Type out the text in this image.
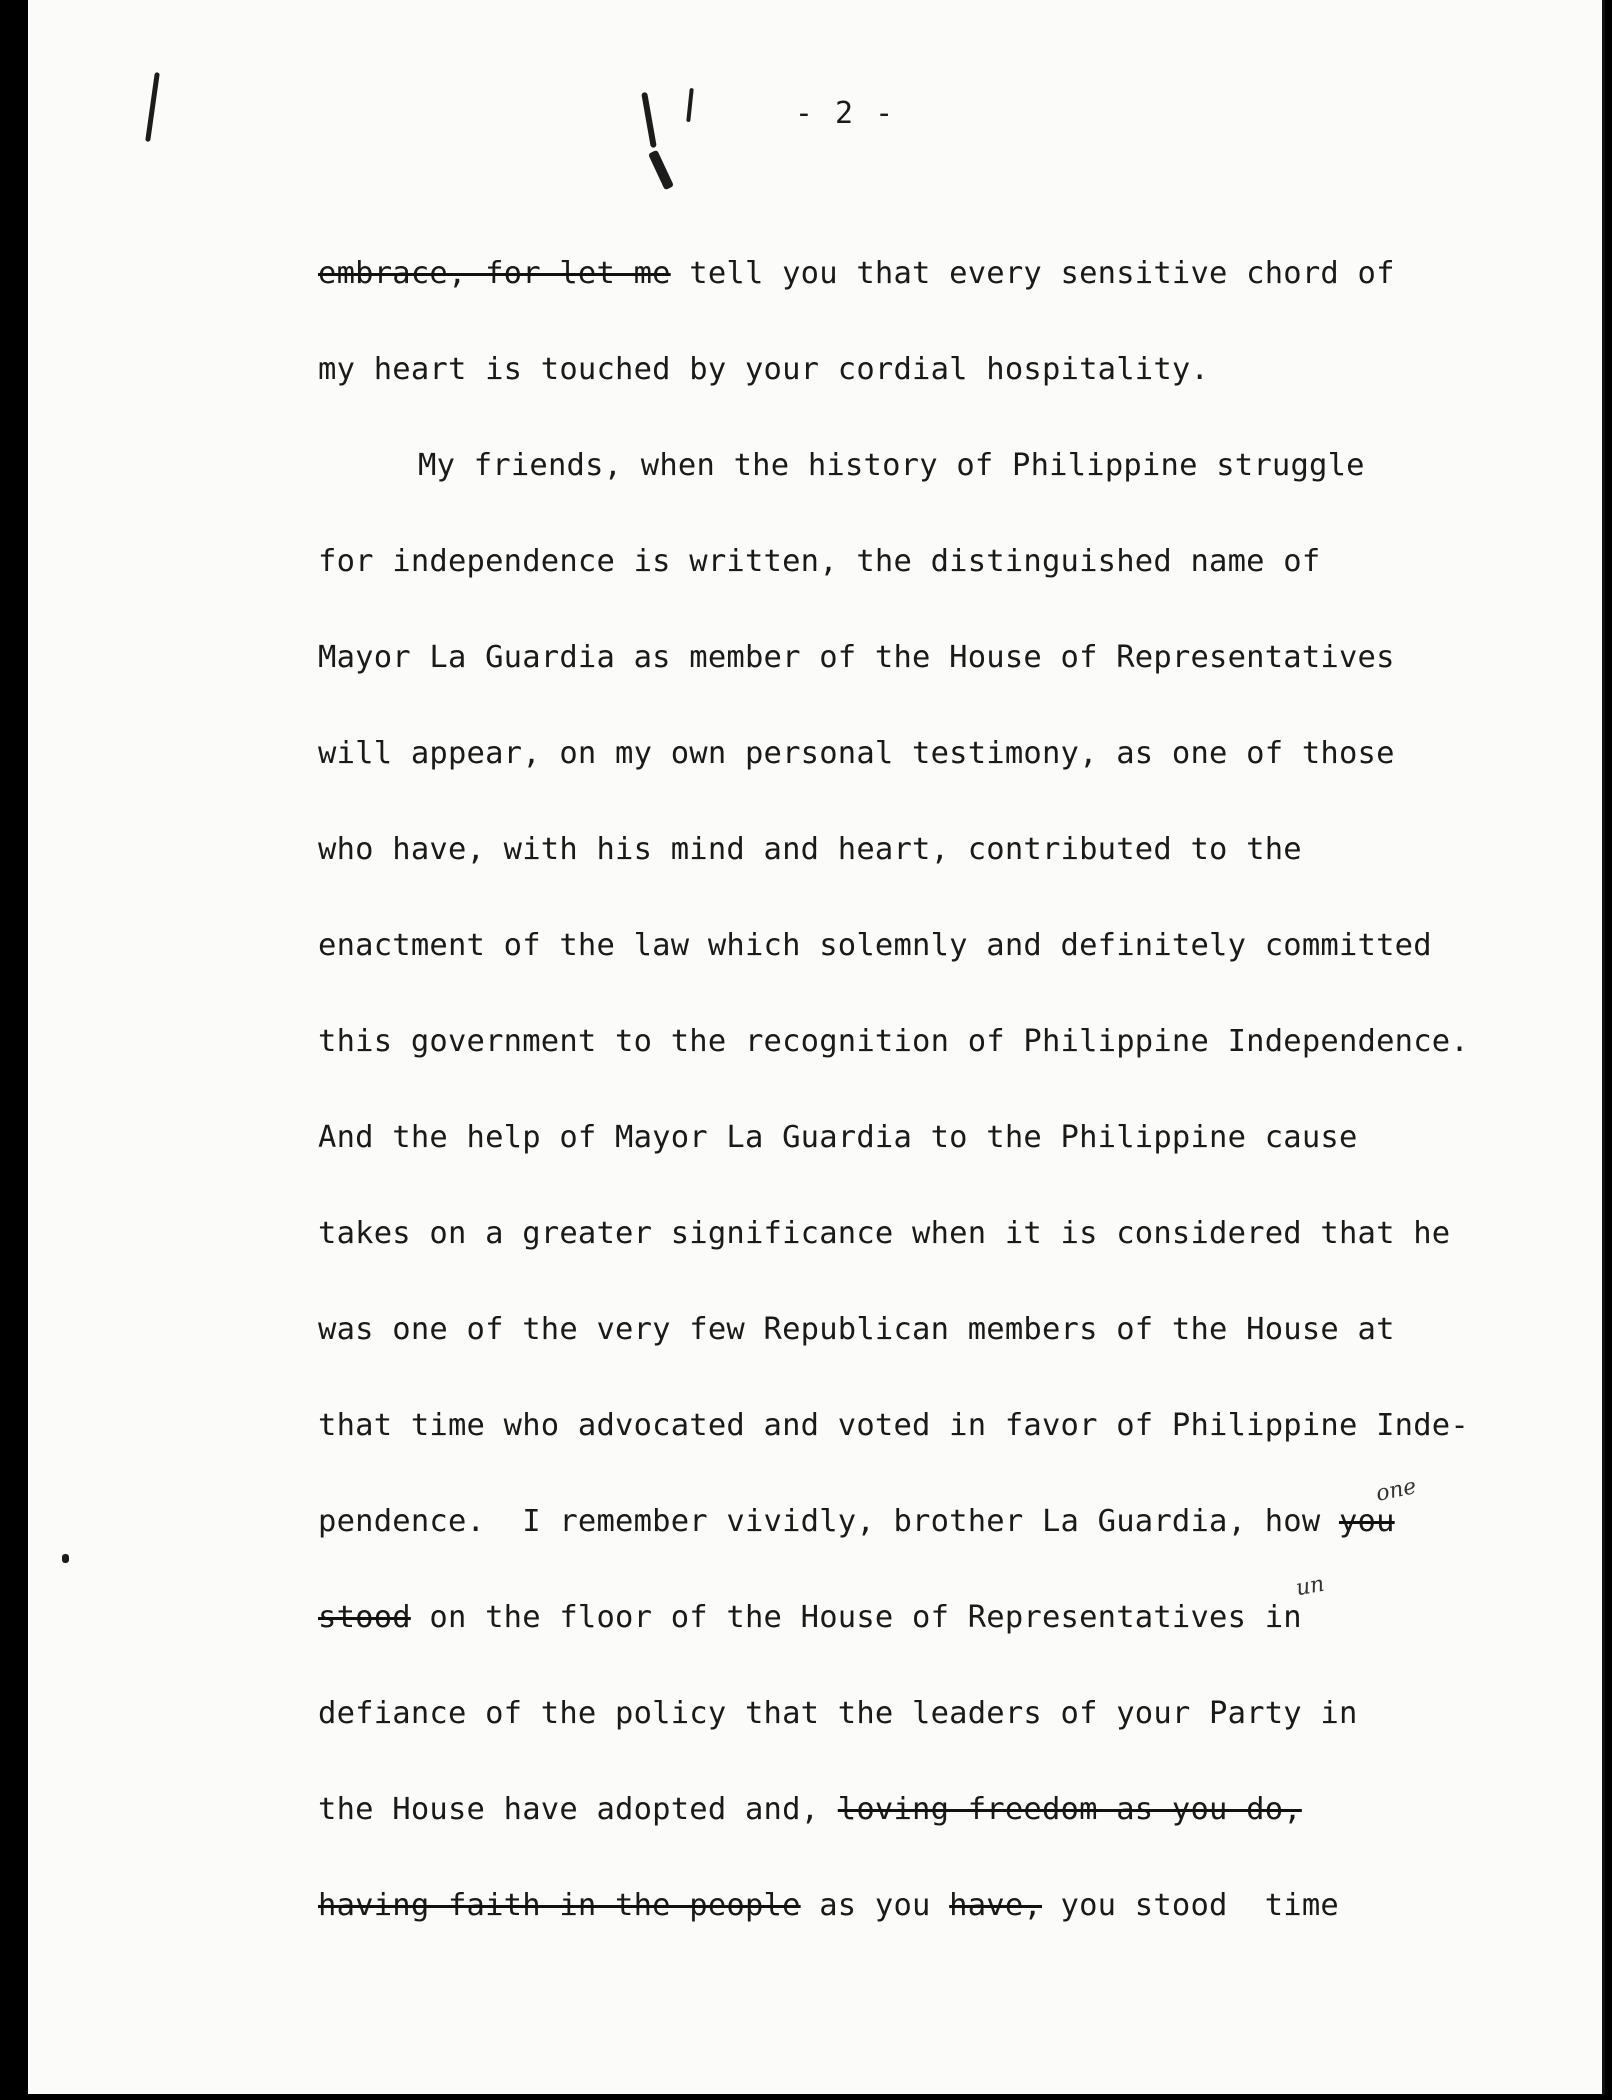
- 2 -
embrace, for let me tell you that every sensitive chord of
my heart is touched by your cordial hospitality.
My friends, when the history of Philippine struggle
for independence is written, the distinguished name of
Mayor La Guardia as member of the House of Representatives
will appear, on my own personal testimony, as one of those
who have, with his mind and heart, contributed to the
enactment of the law which solemnly and definitely committed
this government to the recognition of Philippine Independence.
And the help of Mayor La Guardia to the Philippine cause
takes on a greater significance when it is considered that he
was one of the very few Republican members of the House at
that time who advocated and voted in favor of Philippine Inde-
pendence.  I remember vividly, brother La Guardia, how you
stood on the floor of the House of Representatives in
defiance of the policy that the leaders of your Party in
the House have adopted and, loving freedom as you do,
having faith in the people as you have, you stood  time
one
un
